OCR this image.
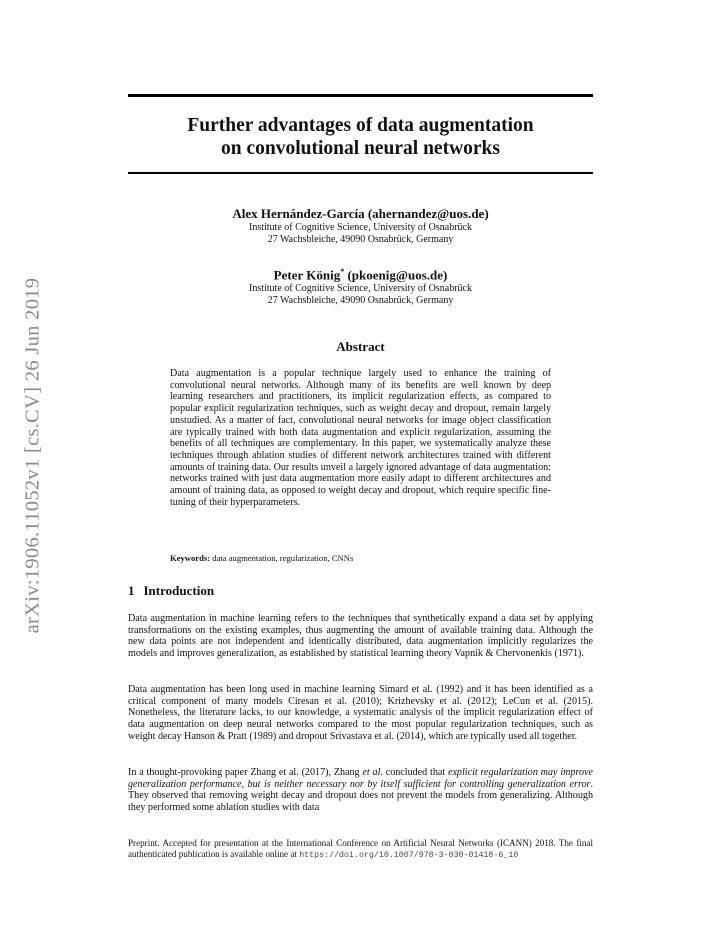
arXiv:1906.11052v1 [cs.CV] 26 Jun 2019
Further advantages of data augmentation
on convolutional neural networks
Alex Hernández-García (ahernandez@uos.de)
Institute of Cognitive Science, University of Osnabrück
27 Wachsbleiche, 49090 Osnabrück, Germany
Peter König* (pkoenig@uos.de)
Institute of Cognitive Science, University of Osnabrück
27 Wachsbleiche, 49090 Osnabrück, Germany
Abstract

Data augmentation is a popular technique largely used to enhance the training of convolutional neural networks. Although many of its benefits are well known by deep learning researchers and practitioners, its implicit regularization effects, as compared to popular explicit regularization techniques, such as weight decay and dropout, remain largely unstudied. As a matter of fact, convolutional neural networks for image object classification are typically trained with both data augmentation and explicit regularization, assuming the benefits of all techniques are complementary. In this paper, we systematically analyze these techniques through ablation studies of different network architectures trained with different amounts of training data. Our results unveil a largely ignored advantage of data augmentation: networks trained with just data augmentation more easily adapt to different architectures and amount of training data, as opposed to weight decay and dropout, which require specific fine-tuning of their hyperparameters.

Keywords: data augmentation, regularization, CNNs

1 Introduction

Data augmentation in machine learning refers to the techniques that synthetically expand a data set by applying transformations on the existing examples, thus augmenting the amount of available training data. Although the new data points are not independent and identically distributed, data augmentation implicitly regularizes the models and improves generalization, as established by statistical learning theory Vapnik & Chervonenkis (1971).

Data augmentation has been long used in machine learning Simard et al. (1992) and it has been identified as a critical component of many models Ciresan et al. (2010); Krizhevsky et al. (2012); LeCun et al. (2015). Nonetheless, the literature lacks, to our knowledge, a systematic analysis of the implicit regularization effect of data augmentation on deep neural networks compared to the most popular regularization techniques, such as weight decay Hanson & Pratt (1989) and dropout Srivastava et al. (2014), which are typically used all together.

In a thought-provoking paper Zhang et al. (2017), Zhang et al. concluded that explicit regularization may improve generalization performance, but is neither necessary nor by itself sufficient for controlling generalization error. They observed that removing weight decay and dropout does not prevent the models from generalizing. Although they performed some ablation studies with data

Preprint. Accepted for presentation at the International Conference on Artificial Neural Networks (ICANN) 2018. The final authenticated publication is available online at https://doi.org/10.1007/978-3-030-01418-6_10
